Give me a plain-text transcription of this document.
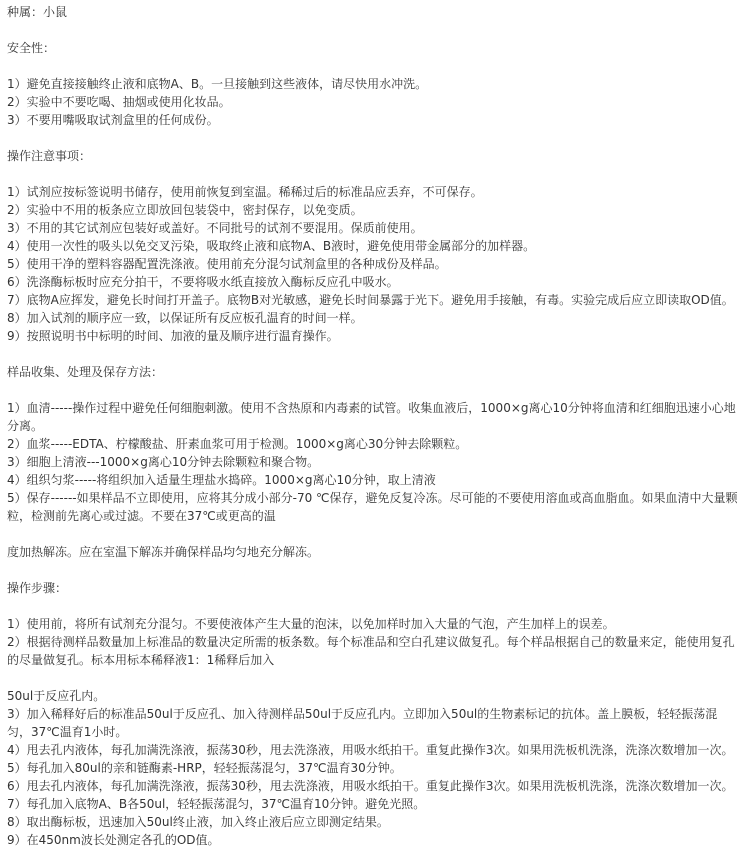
种属：小鼠
安全性：
1）避免直接接触终止液和底物A、B。一旦接触到这些液体，请尽快用水冲洗。
2）实验中不要吃喝、抽烟或使用化妆品。
3）不要用嘴吸取试剂盒里的任何成份。
操作注意事项：
1）试剂应按标签说明书储存，使用前恢复到室温。稀稀过后的标准品应丢弃，不可保存。
2）实验中不用的板条应立即放回包装袋中，密封保存，以免变质。
3）不用的其它试剂应包装好或盖好。不同批号的试剂不要混用。保质前使用。
4）使用一次性的吸头以免交叉污染，吸取终止液和底物A、B液时，避免使用带金属部分的加样器。
5）使用干净的塑料容器配置洗涤液。使用前充分混匀试剂盒里的各种成份及样品。
6）洗涤酶标板时应充分拍干，不要将吸水纸直接放入酶标反应孔中吸水。
7）底物A应挥发，避免长时间打开盖子。底物B对光敏感，避免长时间暴露于光下。避免用手接触，有毒。实验完成后应立即读取OD值。
8）加入试剂的顺序应一致，以保证所有反应板孔温育的时间一样。
9）按照说明书中标明的时间、加液的量及顺序进行温育操作。
样品收集、处理及保存方法：
1）血清-----操作过程中避免任何细胞刺激。使用不含热原和内毒素的试管。收集血液后，1000×g离心10分钟将血清和红细胞迅速小心地分离。
2）血浆-----EDTA、柠檬酸盐、肝素血浆可用于检测。1000×g离心30分钟去除颗粒。
3）细胞上清液---1000×g离心10分钟去除颗粒和聚合物。
4）组织匀浆-----将组织加入适量生理盐水捣碎。1000×g离心10分钟，取上清液
5）保存------如果样品不立即使用，应将其分成小部分-70 ℃保存，避免反复冷冻。尽可能的不要使用溶血或高血脂血。如果血清中大量颗粒，检测前先离心或过滤。不要在37℃或更高的温
度加热解冻。应在室温下解冻并确保样品均匀地充分解冻。
操作步骤：
1）使用前，将所有试剂充分混匀。不要使液体产生大量的泡沫，以免加样时加入大量的气泡，产生加样上的误差。
2）根据待测样品数量加上标准品的数量决定所需的板条数。每个标准品和空白孔建议做复孔。每个样品根据自己的数量来定，能使用复孔的尽量做复孔。标本用标本稀释液1：1稀释后加入
50ul于反应孔内。
3）加入稀释好后的标准品50ul于反应孔、加入待测样品50ul于反应孔内。立即加入50ul的生物素标记的抗体。盖上膜板，轻轻振荡混匀，37℃温育1小时。
4）甩去孔内液体，每孔加满洗涤液，振荡30秒，甩去洗涤液，用吸水纸拍干。重复此操作3次。如果用洗板机洗涤，洗涤次数增加一次。
5）每孔加入80ul的亲和链酶素-HRP，轻轻振荡混匀，37℃温育30分钟。
6）甩去孔内液体，每孔加满洗涤液，振荡30秒，甩去洗涤液，用吸水纸拍干。重复此操作3次。如果用洗板机洗涤，洗涤次数增加一次。
7）每孔加入底物A、B各50ul，轻轻振荡混匀，37℃温育10分钟。避免光照。
8）取出酶标板，迅速加入50ul终止液，加入终止液后应立即测定结果。
9）在450nm波长处测定各孔的OD值。
